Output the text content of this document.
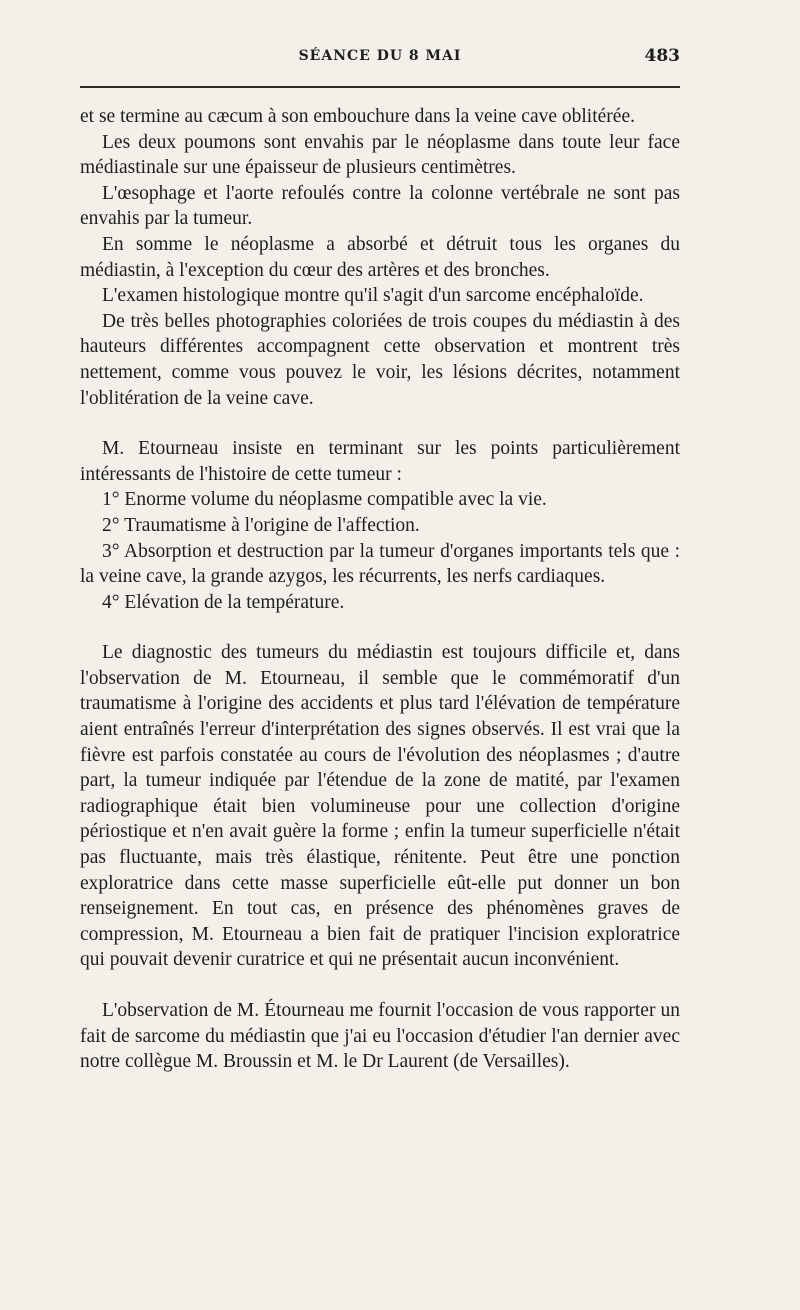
SÉANCE DU 8 MAI	483

et se termine au cæcum à son embouchure dans la veine cave oblitérée.

Les deux poumons sont envahis par le néoplasme dans toute leur face médiastinale sur une épaisseur de plusieurs centimètres.

L'œsophage et l'aorte refoulés contre la colonne vertébrale ne sont pas envahis par la tumeur.

En somme le néoplasme a absorbé et détruit tous les organes du médiastin, à l'exception du cœur des artères et des bronches.

L'examen histologique montre qu'il s'agit d'un sarcome encéphaloïde.

De très belles photographies coloriées de trois coupes du médiastin à des hauteurs différentes accompagnent cette observation et montrent très nettement, comme vous pouvez le voir, les lésions décrites, notamment l'oblitération de la veine cave.

M. Etourneau insiste en terminant sur les points particulièrement intéressants de l'histoire de cette tumeur :

1° Enorme volume du néoplasme compatible avec la vie.

2° Traumatisme à l'origine de l'affection.

3° Absorption et destruction par la tumeur d'organes importants tels que : la veine cave, la grande azygos, les récurrents, les nerfs cardiaques.

4° Elévation de la température.

Le diagnostic des tumeurs du médiastin est toujours difficile et, dans l'observation de M. Etourneau, il semble que le commémoratif d'un traumatisme à l'origine des accidents et plus tard l'élévation de température aient entraînés l'erreur d'interprétation des signes observés. Il est vrai que la fièvre est parfois constatée au cours de l'évolution des néoplasmes ; d'autre part, la tumeur indiquée par l'étendue de la zone de matité, par l'examen radiographique était bien volumineuse pour une collection d'origine périostique et n'en avait guère la forme ; enfin la tumeur superficielle n'était pas fluctuante, mais très élastique, rénitente. Peut être une ponction exploratrice dans cette masse superficielle eût-elle put donner un bon renseignement. En tout cas, en présence des phénomènes graves de compression, M. Etourneau a bien fait de pratiquer l'incision exploratrice qui pouvait devenir curatrice et qui ne présentait aucun inconvénient.

L'observation de M. Étourneau me fournit l'occasion de vous rapporter un fait de sarcome du médiastin que j'ai eu l'occasion d'étudier l'an dernier avec notre collègue M. Broussin et M. le Dr Laurent (de Versailles).
